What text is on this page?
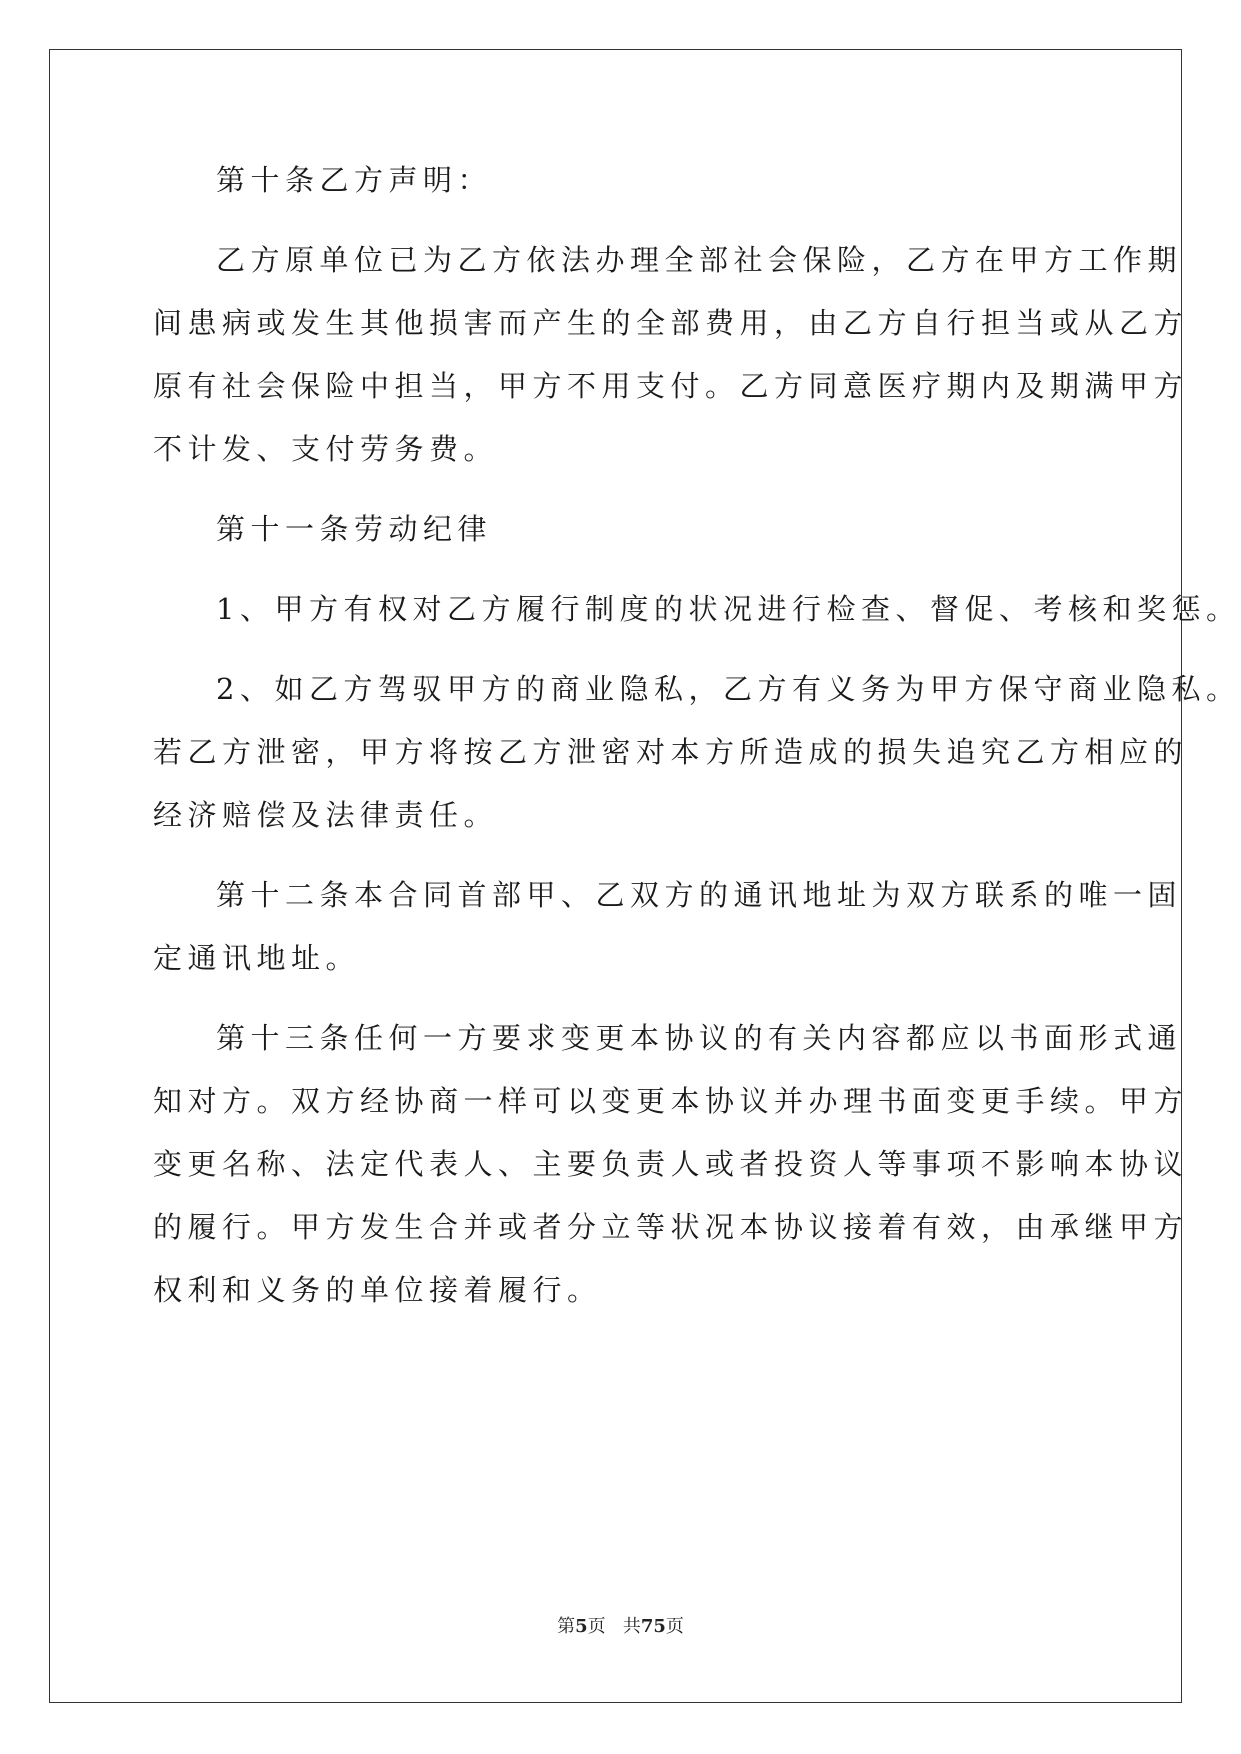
第十条乙方声明：
乙方原单位已为乙方依法办理全部社会保险，乙方在甲方工作期
间患病或发生其他损害而产生的全部费用，由乙方自行担当或从乙方
原有社会保险中担当，甲方不用支付。乙方同意医疗期内及期满甲方
不计发、支付劳务费。
第十一条劳动纪律
1、甲方有权对乙方履行制度的状况进行检查、督促、考核和奖惩。
2、如乙方驾驭甲方的商业隐私，乙方有义务为甲方保守商业隐私。
若乙方泄密，甲方将按乙方泄密对本方所造成的损失追究乙方相应的
经济赔偿及法律责任。
第十二条本合同首部甲、乙双方的通讯地址为双方联系的唯一固
定通讯地址。
第十三条任何一方要求变更本协议的有关内容都应以书面形式通
知对方。双方经协商一样可以变更本协议并办理书面变更手续。甲方
变更名称、法定代表人、主要负责人或者投资人等事项不影响本协议
的履行。甲方发生合并或者分立等状况本协议接着有效，由承继甲方
权利和义务的单位接着履行。
第5页 共75页
